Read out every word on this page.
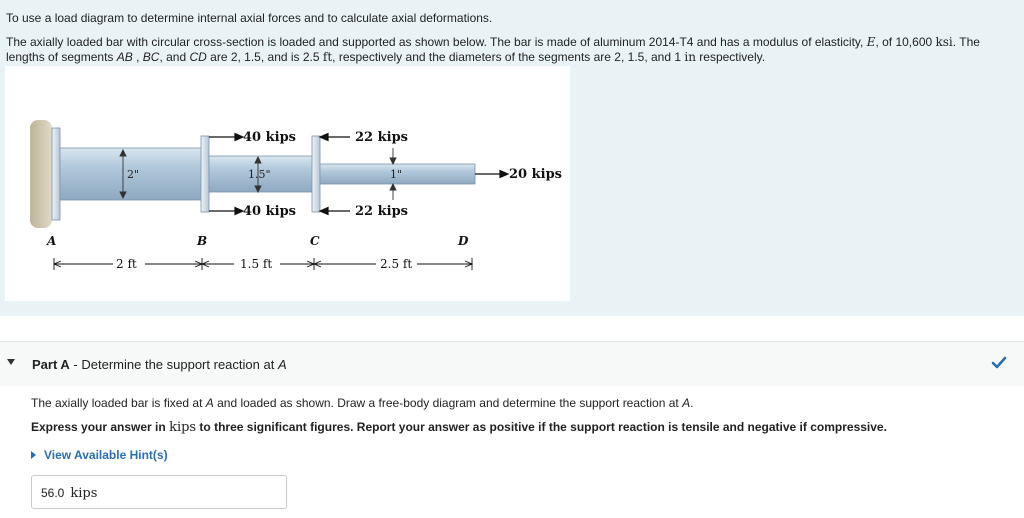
To use a load diagram to determine internal axial forces and to calculate axial deformations.
The axially loaded bar with circular cross-section is loaded and supported as shown below. The bar is made of aluminum 2014-T4 and has a modulus of elasticity, E, of 10,600 ksi. The
lengths of segments AB , BC, and CD are 2, 1.5, and is 2.5 ft, respectively and the diameters of the segments are 2, 1.5, and 1 in respectively.
2"	1.5"	1"
40 kips
40 kips
22 kips
22 kips
20 kips
A	B	C	D
2 ft	1.5 ft	2.5 ft
Part A - Determine the support reaction at A
The axially loaded bar is fixed at A and loaded as shown. Draw a free-body diagram and determine the support reaction at A.
Express your answer in kips to three significant figures. Report your answer as positive if the support reaction is tensile and negative if compressive.
View Available Hint(s)
56.0 kips
